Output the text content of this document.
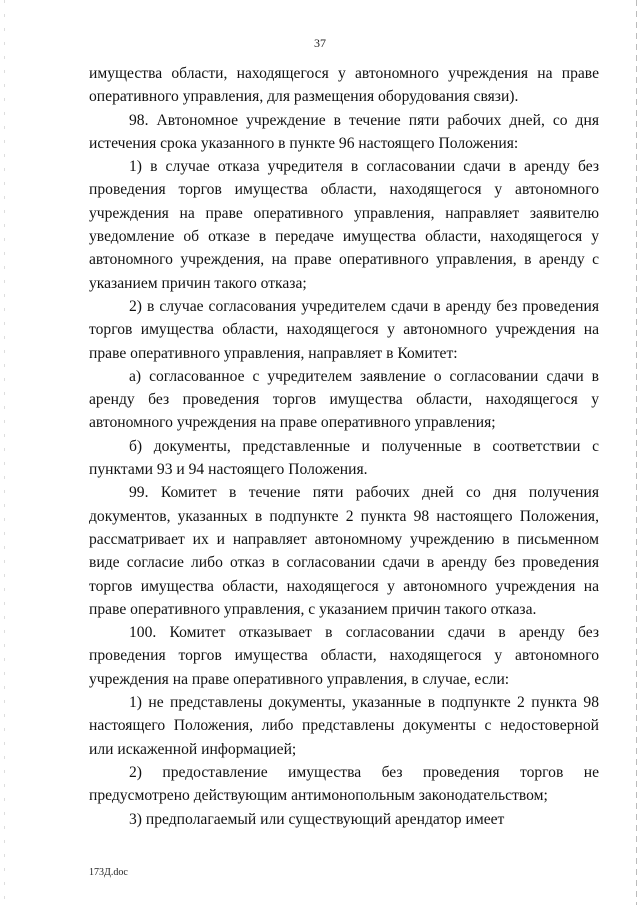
37

имущества области, находящегося у автономного учреждения на праве оперативного управления, для размещения оборудования связи).

98. Автономное учреждение в течение пяти рабочих дней, со дня истечения срока указанного в пункте 96 настоящего Положения:

1) в случае отказа учредителя в согласовании сдачи в аренду без проведения торгов имущества области, находящегося у автономного учреждения на праве оперативного управления, направляет заявителю уведомление об отказе в передаче имущества области, находящегося у автономного учреждения, на праве оперативного управления, в аренду с указанием причин такого отказа;

2) в случае согласования учредителем сдачи в аренду без проведения торгов имущества области, находящегося у автономного учреждения на праве оперативного управления, направляет в Комитет:

а) согласованное с учредителем заявление о согласовании сдачи в аренду без проведения торгов имущества области, находящегося у автономного учреждения на праве оперативного управления;

б) документы, представленные и полученные в соответствии с пунктами 93 и 94 настоящего Положения.

99. Комитет в течение пяти рабочих дней со дня получения документов, указанных в подпункте 2 пункта 98 настоящего Положения, рассматривает их и направляет автономному учреждению в письменном виде согласие либо отказ в согласовании сдачи в аренду без проведения торгов имущества области, находящегося у автономного учреждения на праве оперативного управления, с указанием причин такого отказа.

100. Комитет отказывает в согласовании сдачи в аренду без проведения торгов имущества области, находящегося у автономного учреждения на праве оперативного управления, в случае, если:

1) не представлены документы, указанные в подпункте 2 пункта 98 настоящего Положения, либо представлены документы с недостоверной или искаженной информацией;

2) предоставление имущества без проведения торгов не предусмотрено действующим антимонопольным законодательством;

3) предполагаемый или существующий арендатор имеет

173Д.doc
